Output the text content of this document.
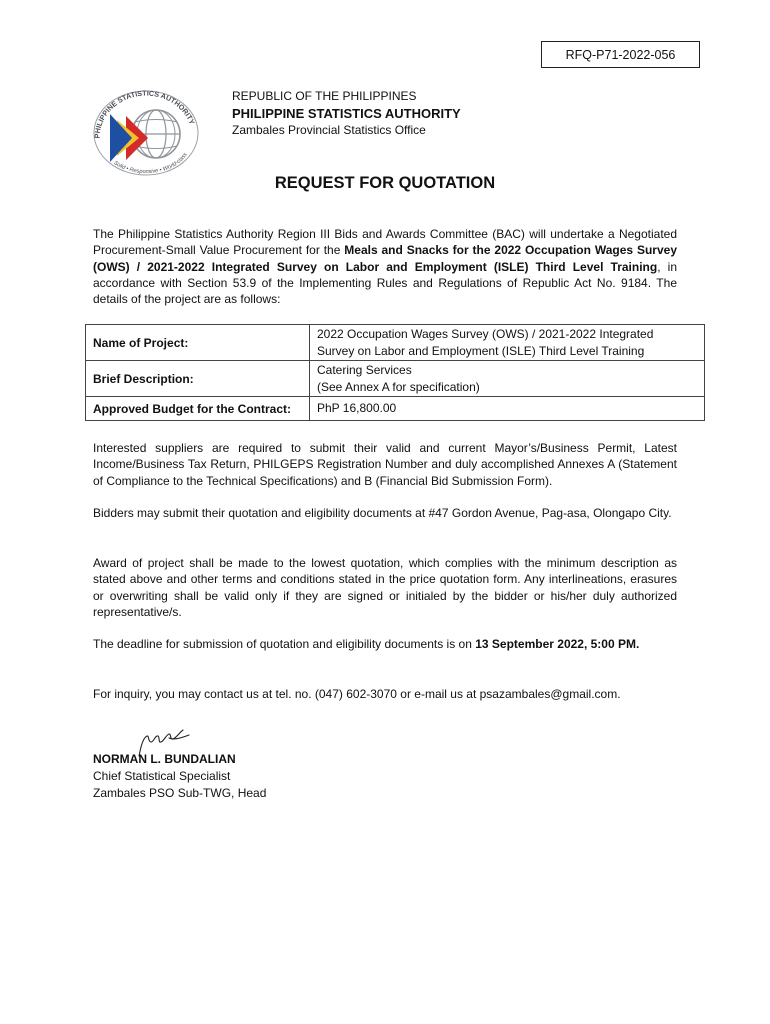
RFQ-P71-2022-056
PHILIPPINE STATISTICS AUTHORITY
Solid • Responsive • World-class
REPUBLIC OF THE PHILIPPINES
PHILIPPINE STATISTICS AUTHORITY
Zambales Provincial Statistics Office
REQUEST FOR QUOTATION
The Philippine Statistics Authority Region III Bids and Awards Committee (BAC) will undertake a Negotiated Procurement-Small Value Procurement for the Meals and Snacks for the 2022 Occupation Wages Survey (OWS) / 2021-2022 Integrated Survey on Labor and Employment (ISLE) Third Level Training, in accordance with Section 53.9 of the Implementing Rules and Regulations of Republic Act No. 9184. The details of the project are as follows:
Name of Project:	2022 Occupation Wages Survey (OWS) / 2021-2022 Integrated
Survey on Labor and Employment (ISLE) Third Level Training

Brief Description:	Catering Services
(See Annex A for specification)

Approved Budget for the Contract:	PhP 16,800.00
Interested suppliers are required to submit their valid and current Mayor’s/Business Permit, Latest Income/Business Tax Return, PHILGEPS Registration Number and duly accomplished Annexes A (Statement of Compliance to the Technical Specifications) and B (Financial Bid Submission Form).
Bidders may submit their quotation and eligibility documents at #47 Gordon Avenue, Pag-asa, Olongapo City.
Award of project shall be made to the lowest quotation, which complies with the minimum description as stated above and other terms and conditions stated in the price quotation form. Any interlineations, erasures or overwriting shall be valid only if they are signed or initialed by the bidder or his/her duly authorized representative/s.
The deadline for submission of quotation and eligibility documents is on 13 September 2022, 5:00 PM.
For inquiry, you may contact us at tel. no. (047) 602-3070 or e-mail us at psazambales@gmail.com.
NORMAN L. BUNDALIAN
Chief Statistical Specialist
Zambales PSO Sub-TWG, Head
